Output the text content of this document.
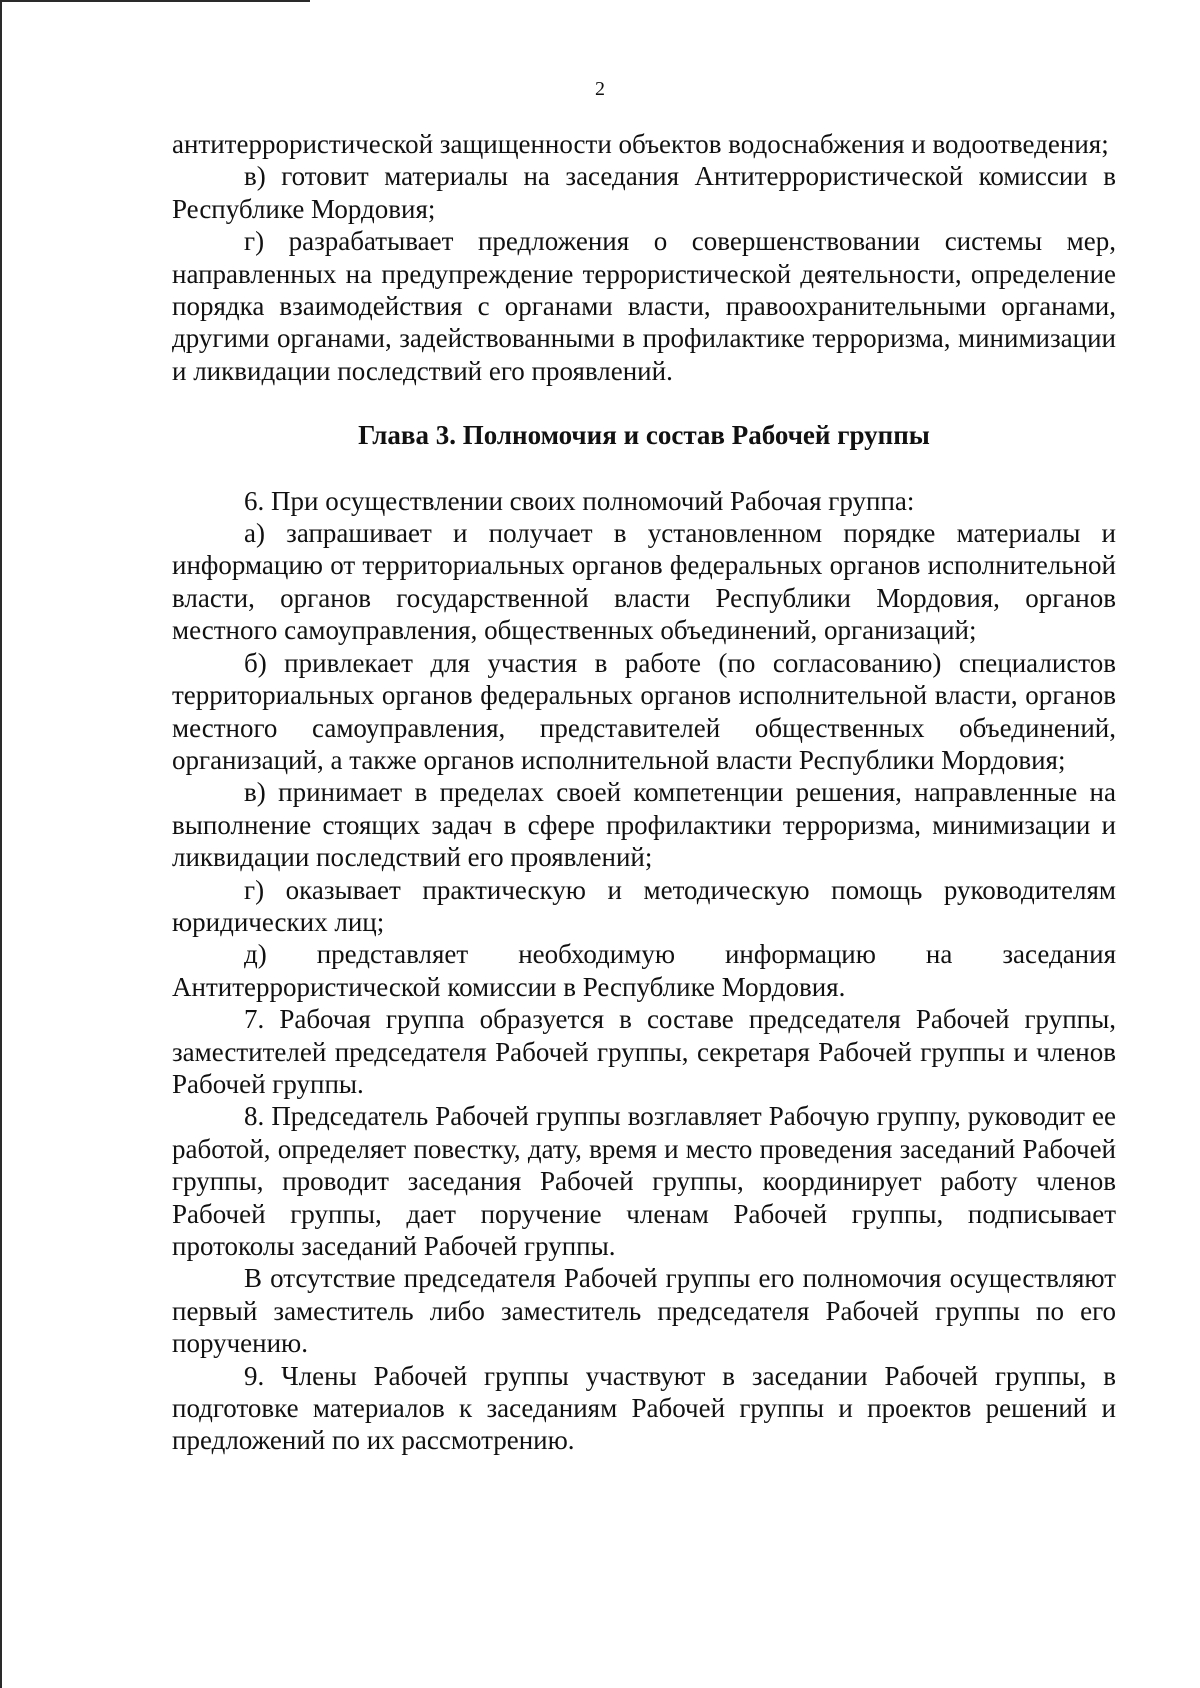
2

антитеррористической защищенности объектов водоснабжения и водоотведения;

в) готовит материалы на заседания Антитеррористической комиссии в Республике Мордовия;

г) разрабатывает предложения о совершенствовании системы мер, направленных на предупреждение террористической деятельности, определение порядка взаимодействия с органами власти, правоохранительными органами, другими органами, задействованными в профилактике терроризма, минимизации и ликвидации последствий его проявлений.

Глава 3. Полномочия и состав Рабочей группы

6. При осуществлении своих полномочий Рабочая группа:

а) запрашивает и получает в установленном порядке материалы и информацию от территориальных органов федеральных органов исполнительной власти, органов государственной власти Республики Мордовия, органов местного самоуправления, общественных объединений, организаций;

б) привлекает для участия в работе (по согласованию) специалистов территориальных органов федеральных органов исполнительной власти, органов местного самоуправления, представителей общественных объединений, организаций, а также органов исполнительной власти Республики Мордовия;

в) принимает в пределах своей компетенции решения, направленные на выполнение стоящих задач в сфере профилактики терроризма, минимизации и ликвидации последствий его проявлений;

г) оказывает практическую и методическую помощь руководителям юридических лиц;

д) представляет необходимую информацию на заседания Антитеррористической комиссии в Республике Мордовия.

7. Рабочая группа образуется в составе председателя Рабочей группы, заместителей председателя Рабочей группы, секретаря Рабочей группы и членов Рабочей группы.

8. Председатель Рабочей группы возглавляет Рабочую группу, руководит ее работой, определяет повестку, дату, время и место проведения заседаний Рабочей группы, проводит заседания Рабочей группы, координирует работу членов Рабочей группы, дает поручение членам Рабочей группы, подписывает протоколы заседаний Рабочей группы.

В отсутствие председателя Рабочей группы его полномочия осуществляют первый заместитель либо заместитель председателя Рабочей группы по его поручению.

9. Члены Рабочей группы участвуют в заседании Рабочей группы, в подготовке материалов к заседаниям Рабочей группы и проектов решений и предложений по их рассмотрению.
